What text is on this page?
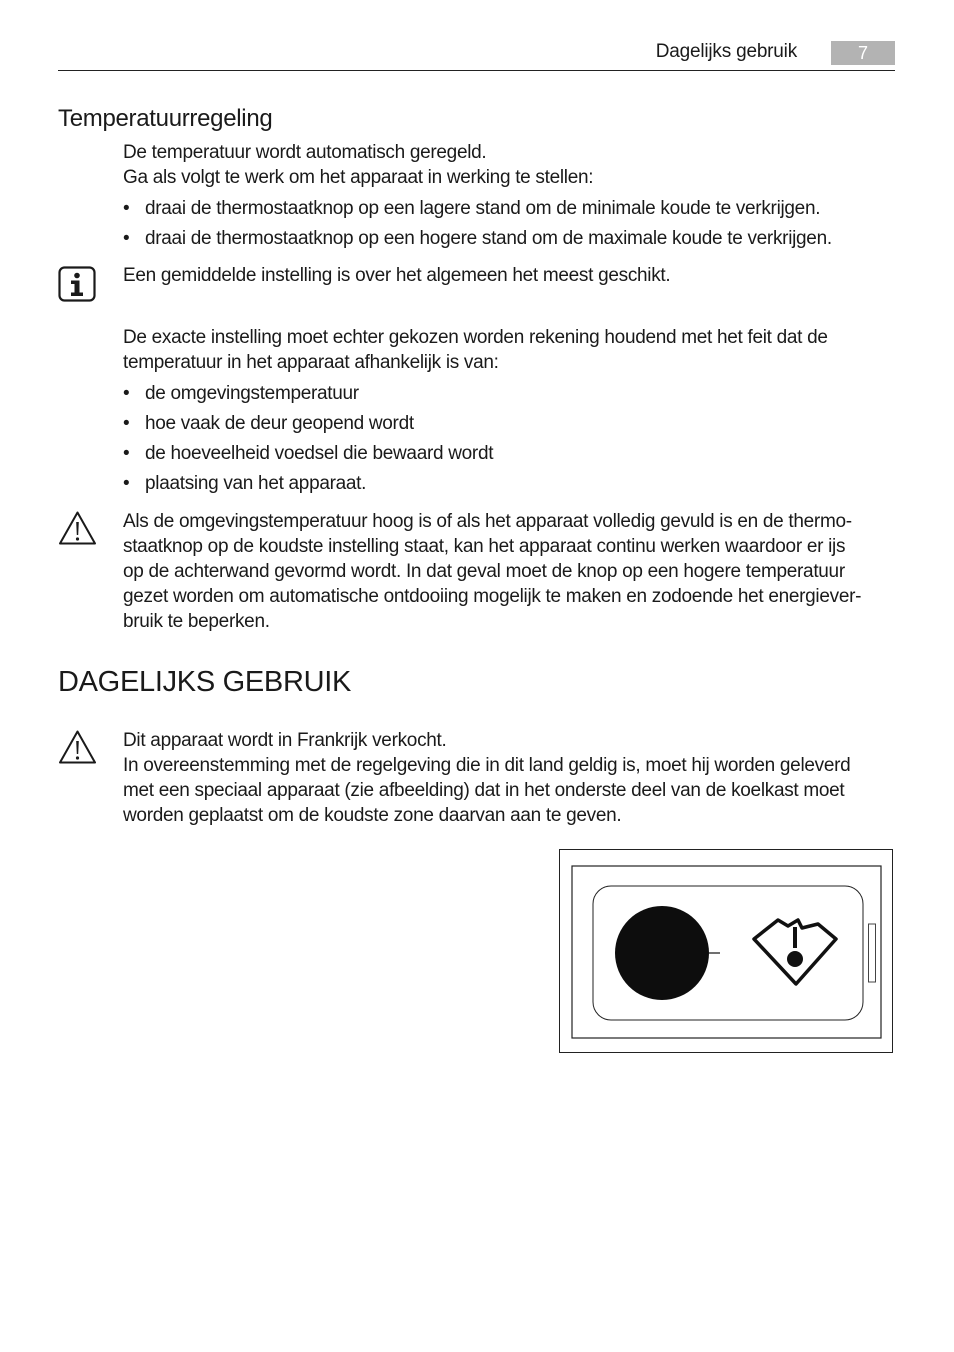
Dagelijks gebruik	7
Temperatuurregeling
De temperatuur wordt automatisch geregeld.
Ga als volgt te werk om het apparaat in werking te stellen:
• draai de thermostaatknop op een lagere stand om de minimale koude te verkrijgen.
• draai de thermostaatknop op een hogere stand om de maximale koude te verkrijgen.
Een gemiddelde instelling is over het algemeen het meest geschikt.
De exacte instelling moet echter gekozen worden rekening houdend met het feit dat de
temperatuur in het apparaat afhankelijk is van:
• de omgevingstemperatuur
• hoe vaak de deur geopend wordt
• de hoeveelheid voedsel die bewaard wordt
• plaatsing van het apparaat.
Als de omgevingstemperatuur hoog is of als het apparaat volledig gevuld is en de thermo-
staatknop op de koudste instelling staat, kan het apparaat continu werken waardoor er ijs
op de achterwand gevormd wordt. In dat geval moet de knop op een hogere temperatuur
gezet worden om automatische ontdooiing mogelijk te maken en zodoende het energiever-
bruik te beperken.
DAGELIJKS GEBRUIK
Dit apparaat wordt in Frankrijk verkocht.
In overeenstemming met de regelgeving die in dit land geldig is, moet hij worden geleverd
met een speciaal apparaat (zie afbeelding) dat in het onderste deel van de koelkast moet
worden geplaatst om de koudste zone daarvan aan te geven.
